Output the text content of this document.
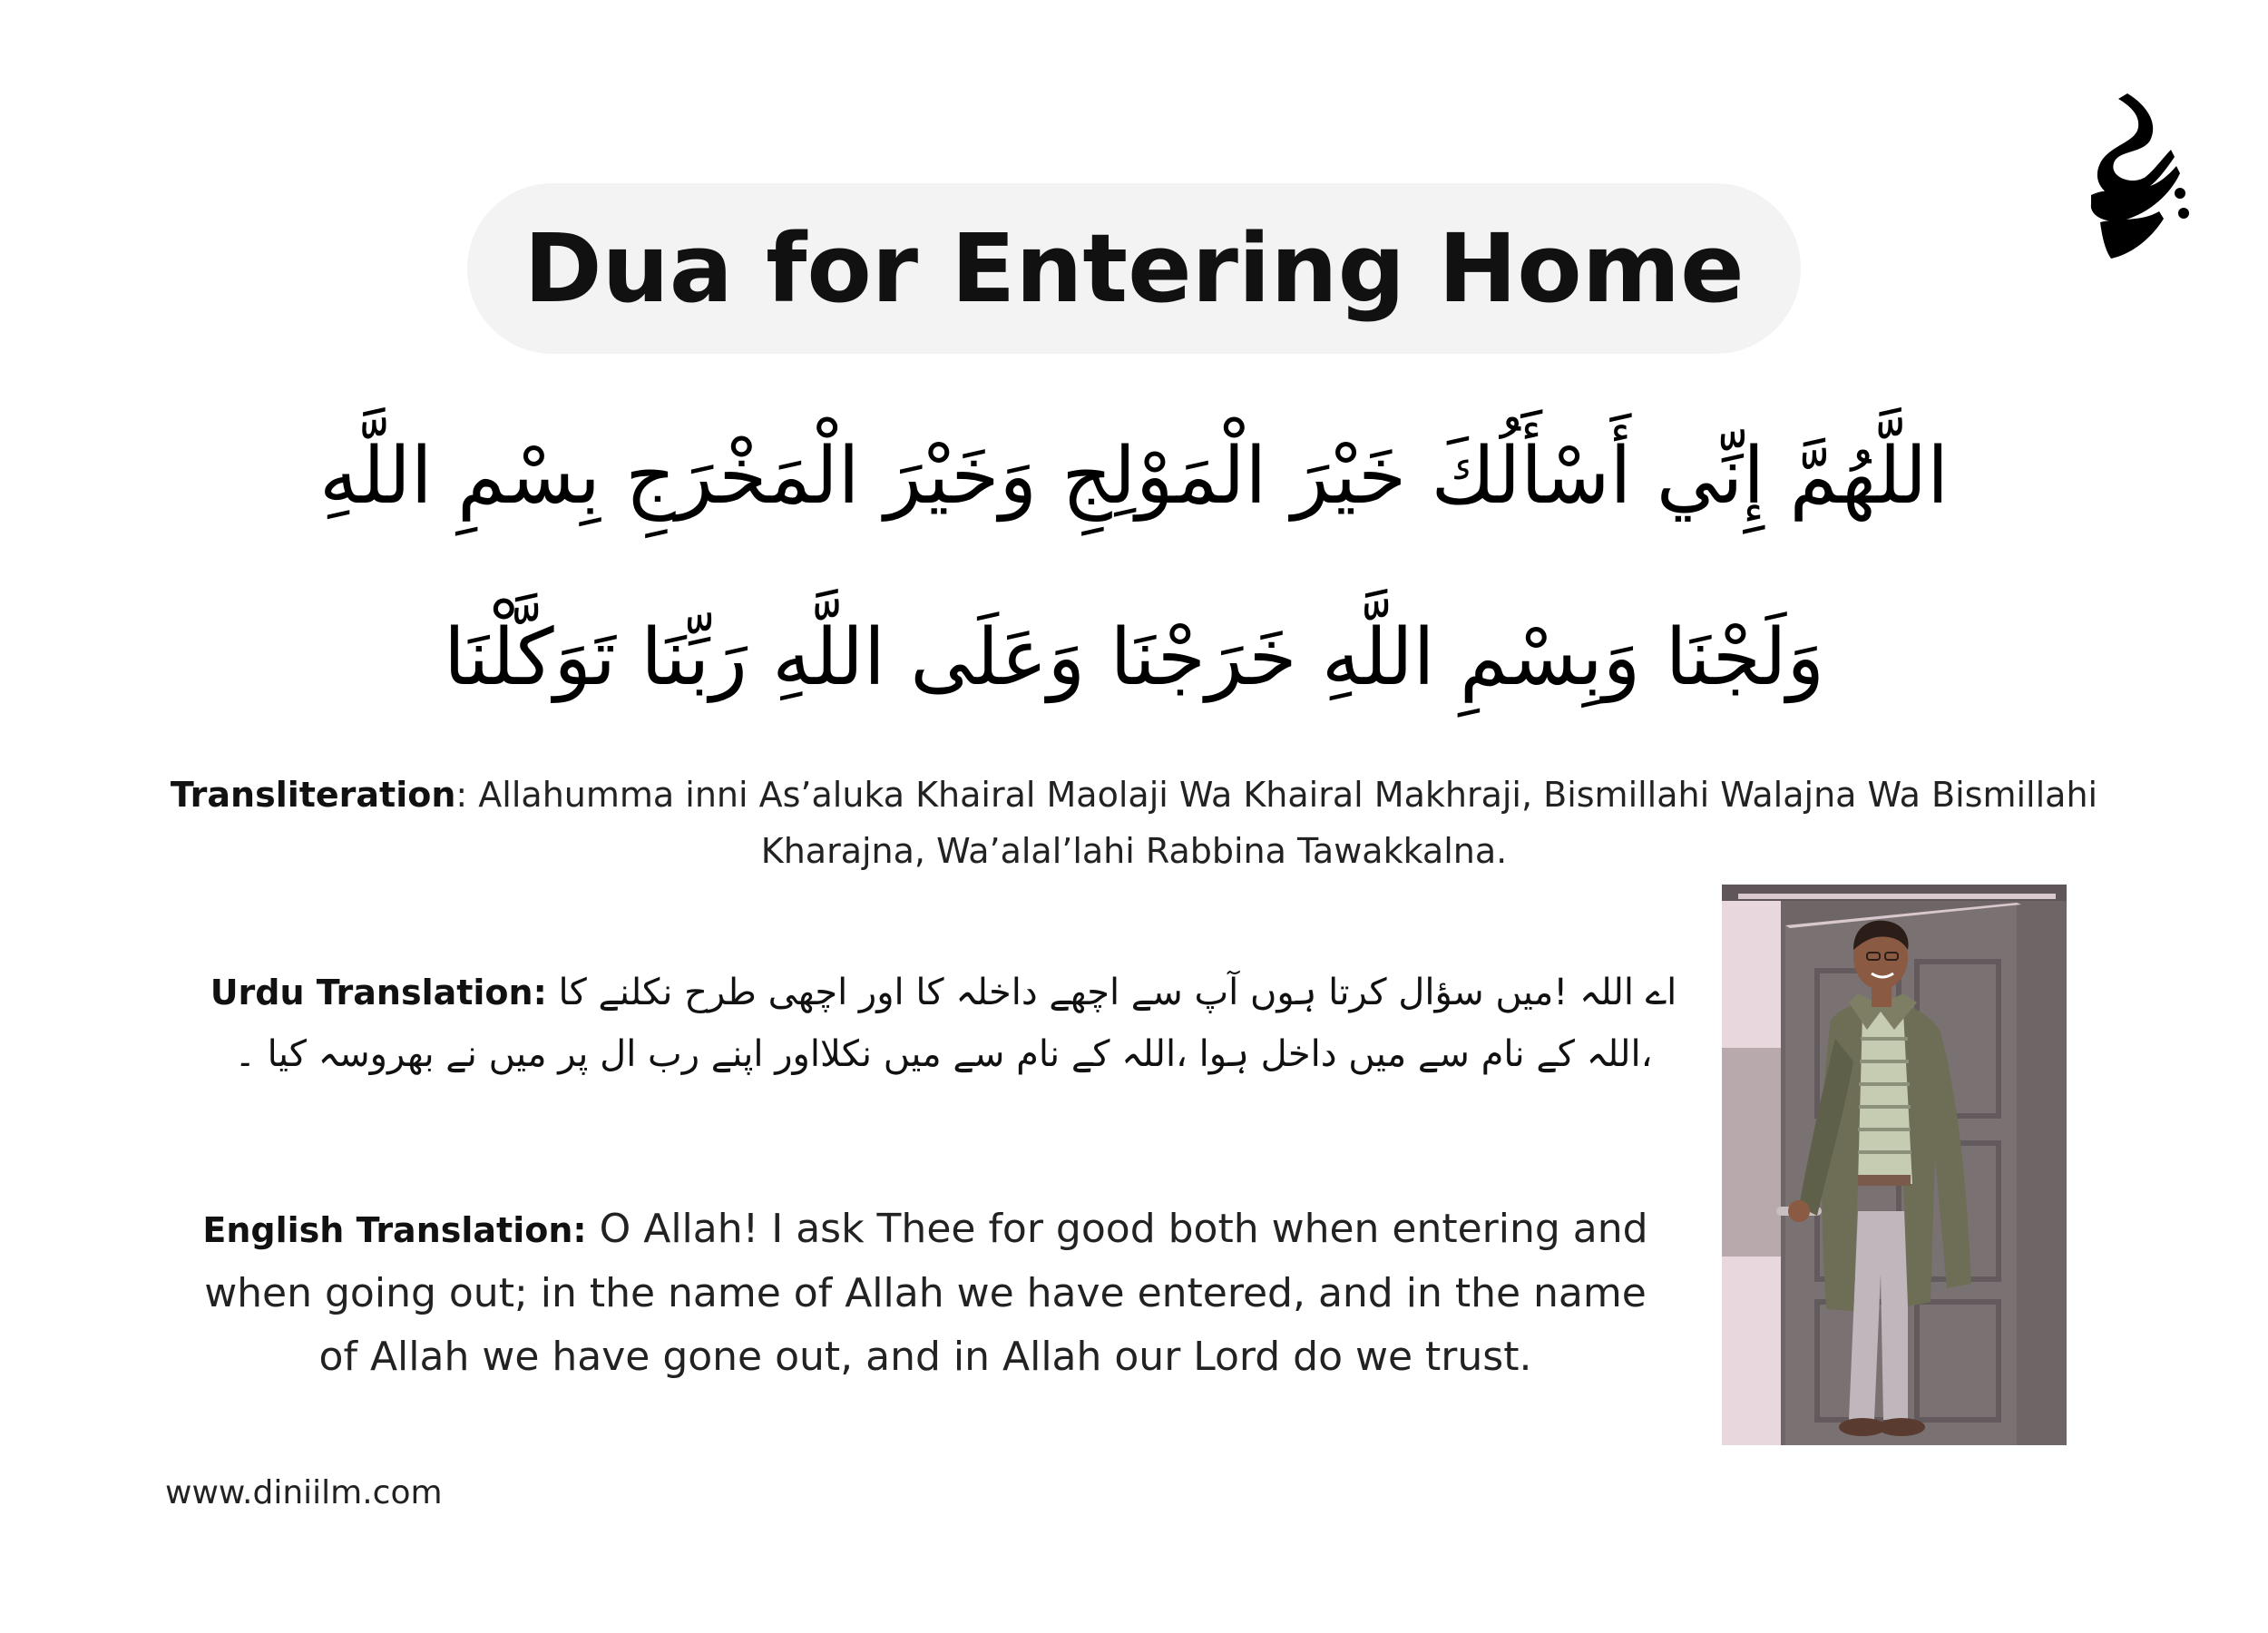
Dua for Entering Home
اللَّهُمَّ إِنِّي أَسْأَلُكَ خَيْرَ الْمَوْلِجِ وَخَيْرَ الْمَخْرَجِ بِسْمِ اللَّهِ
وَلَجْنَا وَبِسْمِ اللَّهِ خَرَجْنَا وَعَلَى اللَّهِ رَبِّنَا تَوَكَّلْنَا
Transliteration: Allahumma inni As’aluka Khairal Maolaji Wa Khairal Makhraji, Bismillahi Walajna Wa Bismillahi Kharajna, Wa’alal’lahi Rabbina Tawakkalna.
Urdu Translation: اے اللہ !میں سؤال کرتا ہوں آپ سے اچھے داخلہ کا اور اچھی طرح نکلنے کا ،اللہ کے نام سے میں داخل ہوا ،اللہ کے نام سے میں نکلااور اپنے رب ال پر میں نے بھروسہ کیا ۔
English Translation: O Allah! I ask Thee for good both when entering and when going out; in the name of Allah we have entered, and in the name of Allah we have gone out, and in Allah our Lord do we trust.
www.diniilm.com
